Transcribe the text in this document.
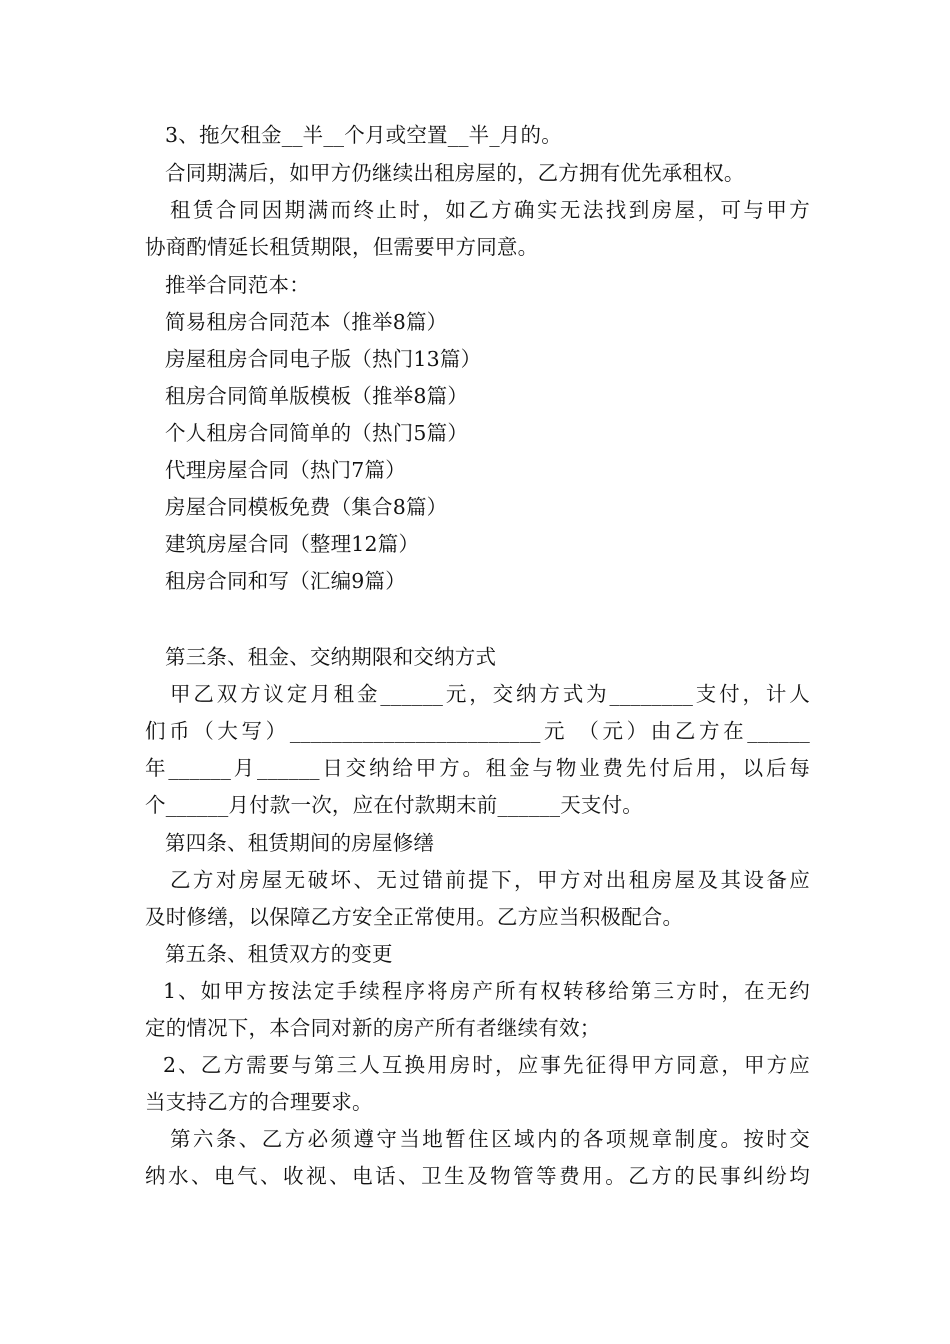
3、拖欠租金__半__个月或空置__半_月的。
合同期满后，如甲方仍继续出租房屋的，乙方拥有优先承租权。
租赁合同因期满而终止时，如乙方确实无法找到房屋，可与甲方
协商酌情延长租赁期限，但需要甲方同意。
推举合同范本：
简易租房合同范本（推举8篇）
房屋租房合同电子版（热门13篇）
租房合同简单版模板（推举8篇）
个人租房合同简单的（热门5篇）
代理房屋合同（热门7篇）
房屋合同模板免费（集合8篇）
建筑房屋合同（整理12篇）
租房合同和写（汇编9篇）
第三条、租金、交纳期限和交纳方式
甲乙双方议定月租金______元，交纳方式为________支付，计人
们币（大写）________________________元 （元）由乙方在______
年______月______日交纳给甲方。租金与物业费先付后用，以后每
个______月付款一次，应在付款期末前______天支付。
第四条、租赁期间的房屋修缮
乙方对房屋无破坏、无过错前提下，甲方对出租房屋及其设备应
及时修缮，以保障乙方安全正常使用。乙方应当积极配合。
第五条、租赁双方的变更
1、如甲方按法定手续程序将房产所有权转移给第三方时，在无约
定的情况下，本合同对新的房产所有者继续有效；
2、乙方需要与第三人互换用房时，应事先征得甲方同意，甲方应
当支持乙方的合理要求。
第六条、乙方必须遵守当地暂住区域内的各项规章制度。按时交
纳水、电气、收视、电话、卫生及物管等费用。乙方的民事纠纷均
